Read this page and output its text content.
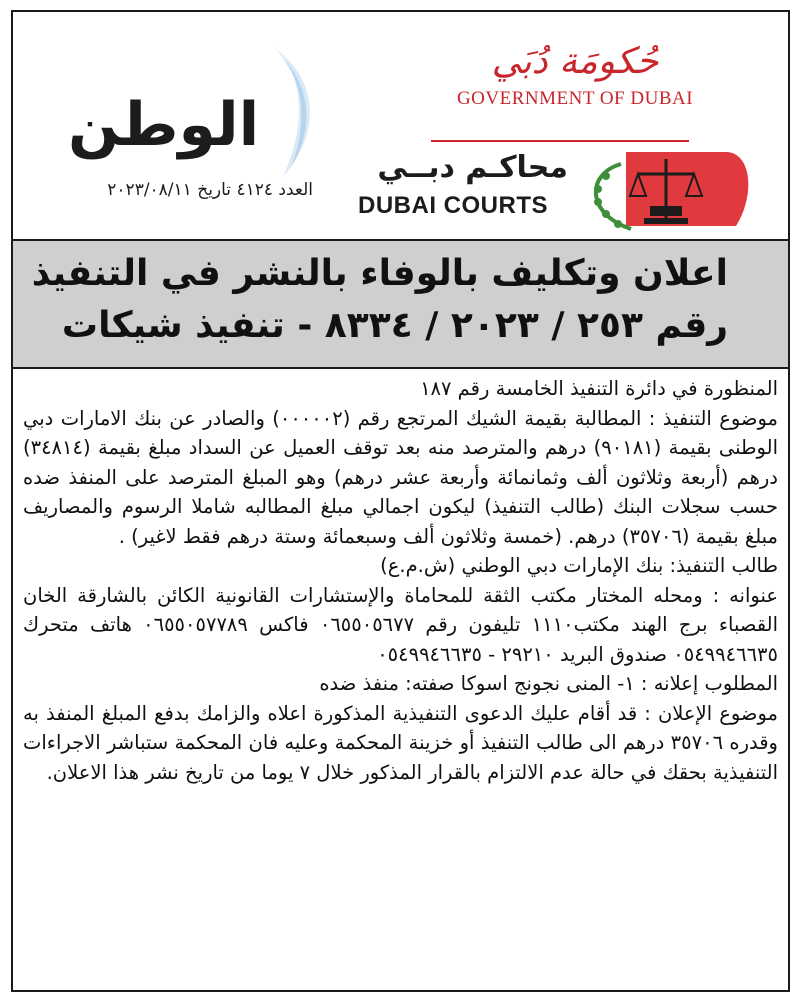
الوطن
العدد ٤١٢٤ تاريخ ٢٠٢٣/٠٨/١١
حُكومَة دُبَي
GOVERNMENT OF DUBAI
محاكـم دبــي
DUBAI COURTS
اعلان وتكليف بالوفاء بالنشر في التنفيذ
رقم ٢٥٣ / ٢٠٢٣ / ٨٣٣٤ - تنفيذ شيكات

المنظورة في دائرة التنفيذ الخامسة رقم ١٨٧

موضوع التنفيذ : المطالبة بقيمة الشيك المرتجع رقم (٠٠٠٠٠٢) والصادر عن بنك الامارات دبي الوطنى بقيمة (٩٠١٨١) درهم والمترصد منه بعد توقف العميل عن السداد مبلغ بقيمة (٣٤٨١٤) درهم (أربعة وثلاثون ألف وثمانمائة وأربعة عشر درهم) وهو المبلغ المترصد على المنفذ ضده حسب سجلات البنك (طالب التنفيذ) ليكون اجمالي مبلغ المطالبه شاملا الرسوم والمصاريف مبلغ بقيمة (٣٥٧٠٦) درهم. (خمسة وثلاثون ألف وسبعمائة وستة درهم فقط لاغير) .

طالب التنفيذ: بنك الإمارات دبي الوطني (ش.م.ع)

عنوانه : ومحله المختار مكتب الثقة للمحاماة والإستشارات القانونية الكائن بالشارقة الخان القصباء برج الهند مكتب١١١٠ تليفون رقم ٠٦٥٥٠٥٦٧٧ فاكس ٠٦٥٥٠٥٧٧٨٩ هاتف متحرك ٠٥٤٩٩٤٦٦٣٥ صندوق البريد ٢٩٢١٠ - ٠٥٤٩٩٤٦٦٣٥

المطلوب إعلانه : ١- المنى نجونج اسوكا صفته: منفذ ضده

موضوع الإعلان : قد أقام عليك الدعوى التنفيذية المذكورة اعلاه والزامك بدفع المبلغ المنفذ به وقدره ٣٥٧٠٦ درهم الى طالب التنفيذ أو خزينة المحكمة وعليه فان المحكمة ستباشر الاجراءات التنفيذية بحقك في حالة عدم الالتزام بالقرار المذكور خلال ٧ يوما من تاريخ نشر هذا الاعلان.
